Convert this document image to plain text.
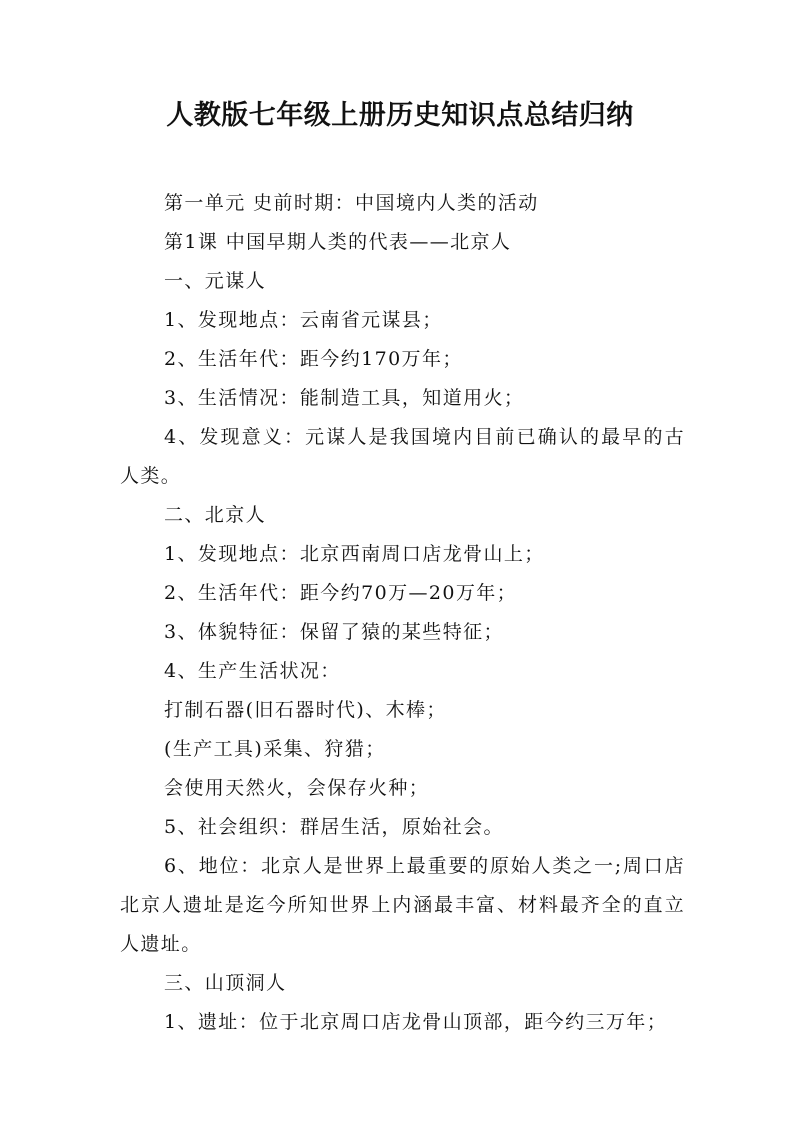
人教版七年级上册历史知识点总结归纳

第一单元 史前时期：中国境内人类的活动

第1课 中国早期人类的代表——北京人

一、元谋人

1、发现地点：云南省元谋县；

2、生活年代：距今约170万年；

3、生活情况：能制造工具，知道用火；

4、发现意义：元谋人是我国境内目前已确认的最早的古人类。

二、北京人

1、发现地点：北京西南周口店龙骨山上；

2、生活年代：距今约70万—20万年；

3、体貌特征：保留了猿的某些特征；

4、生产生活状况：

打制石器(旧石器时代)、木棒；

(生产工具)采集、狩猎；

会使用天然火，会保存火种；

5、社会组织：群居生活，原始社会。

6、地位：北京人是世界上最重要的原始人类之一;周口店北京人遗址是迄今所知世界上内涵最丰富、材料最齐全的直立人遗址。

三、山顶洞人

1、遗址：位于北京周口店龙骨山顶部，距今约三万年；
